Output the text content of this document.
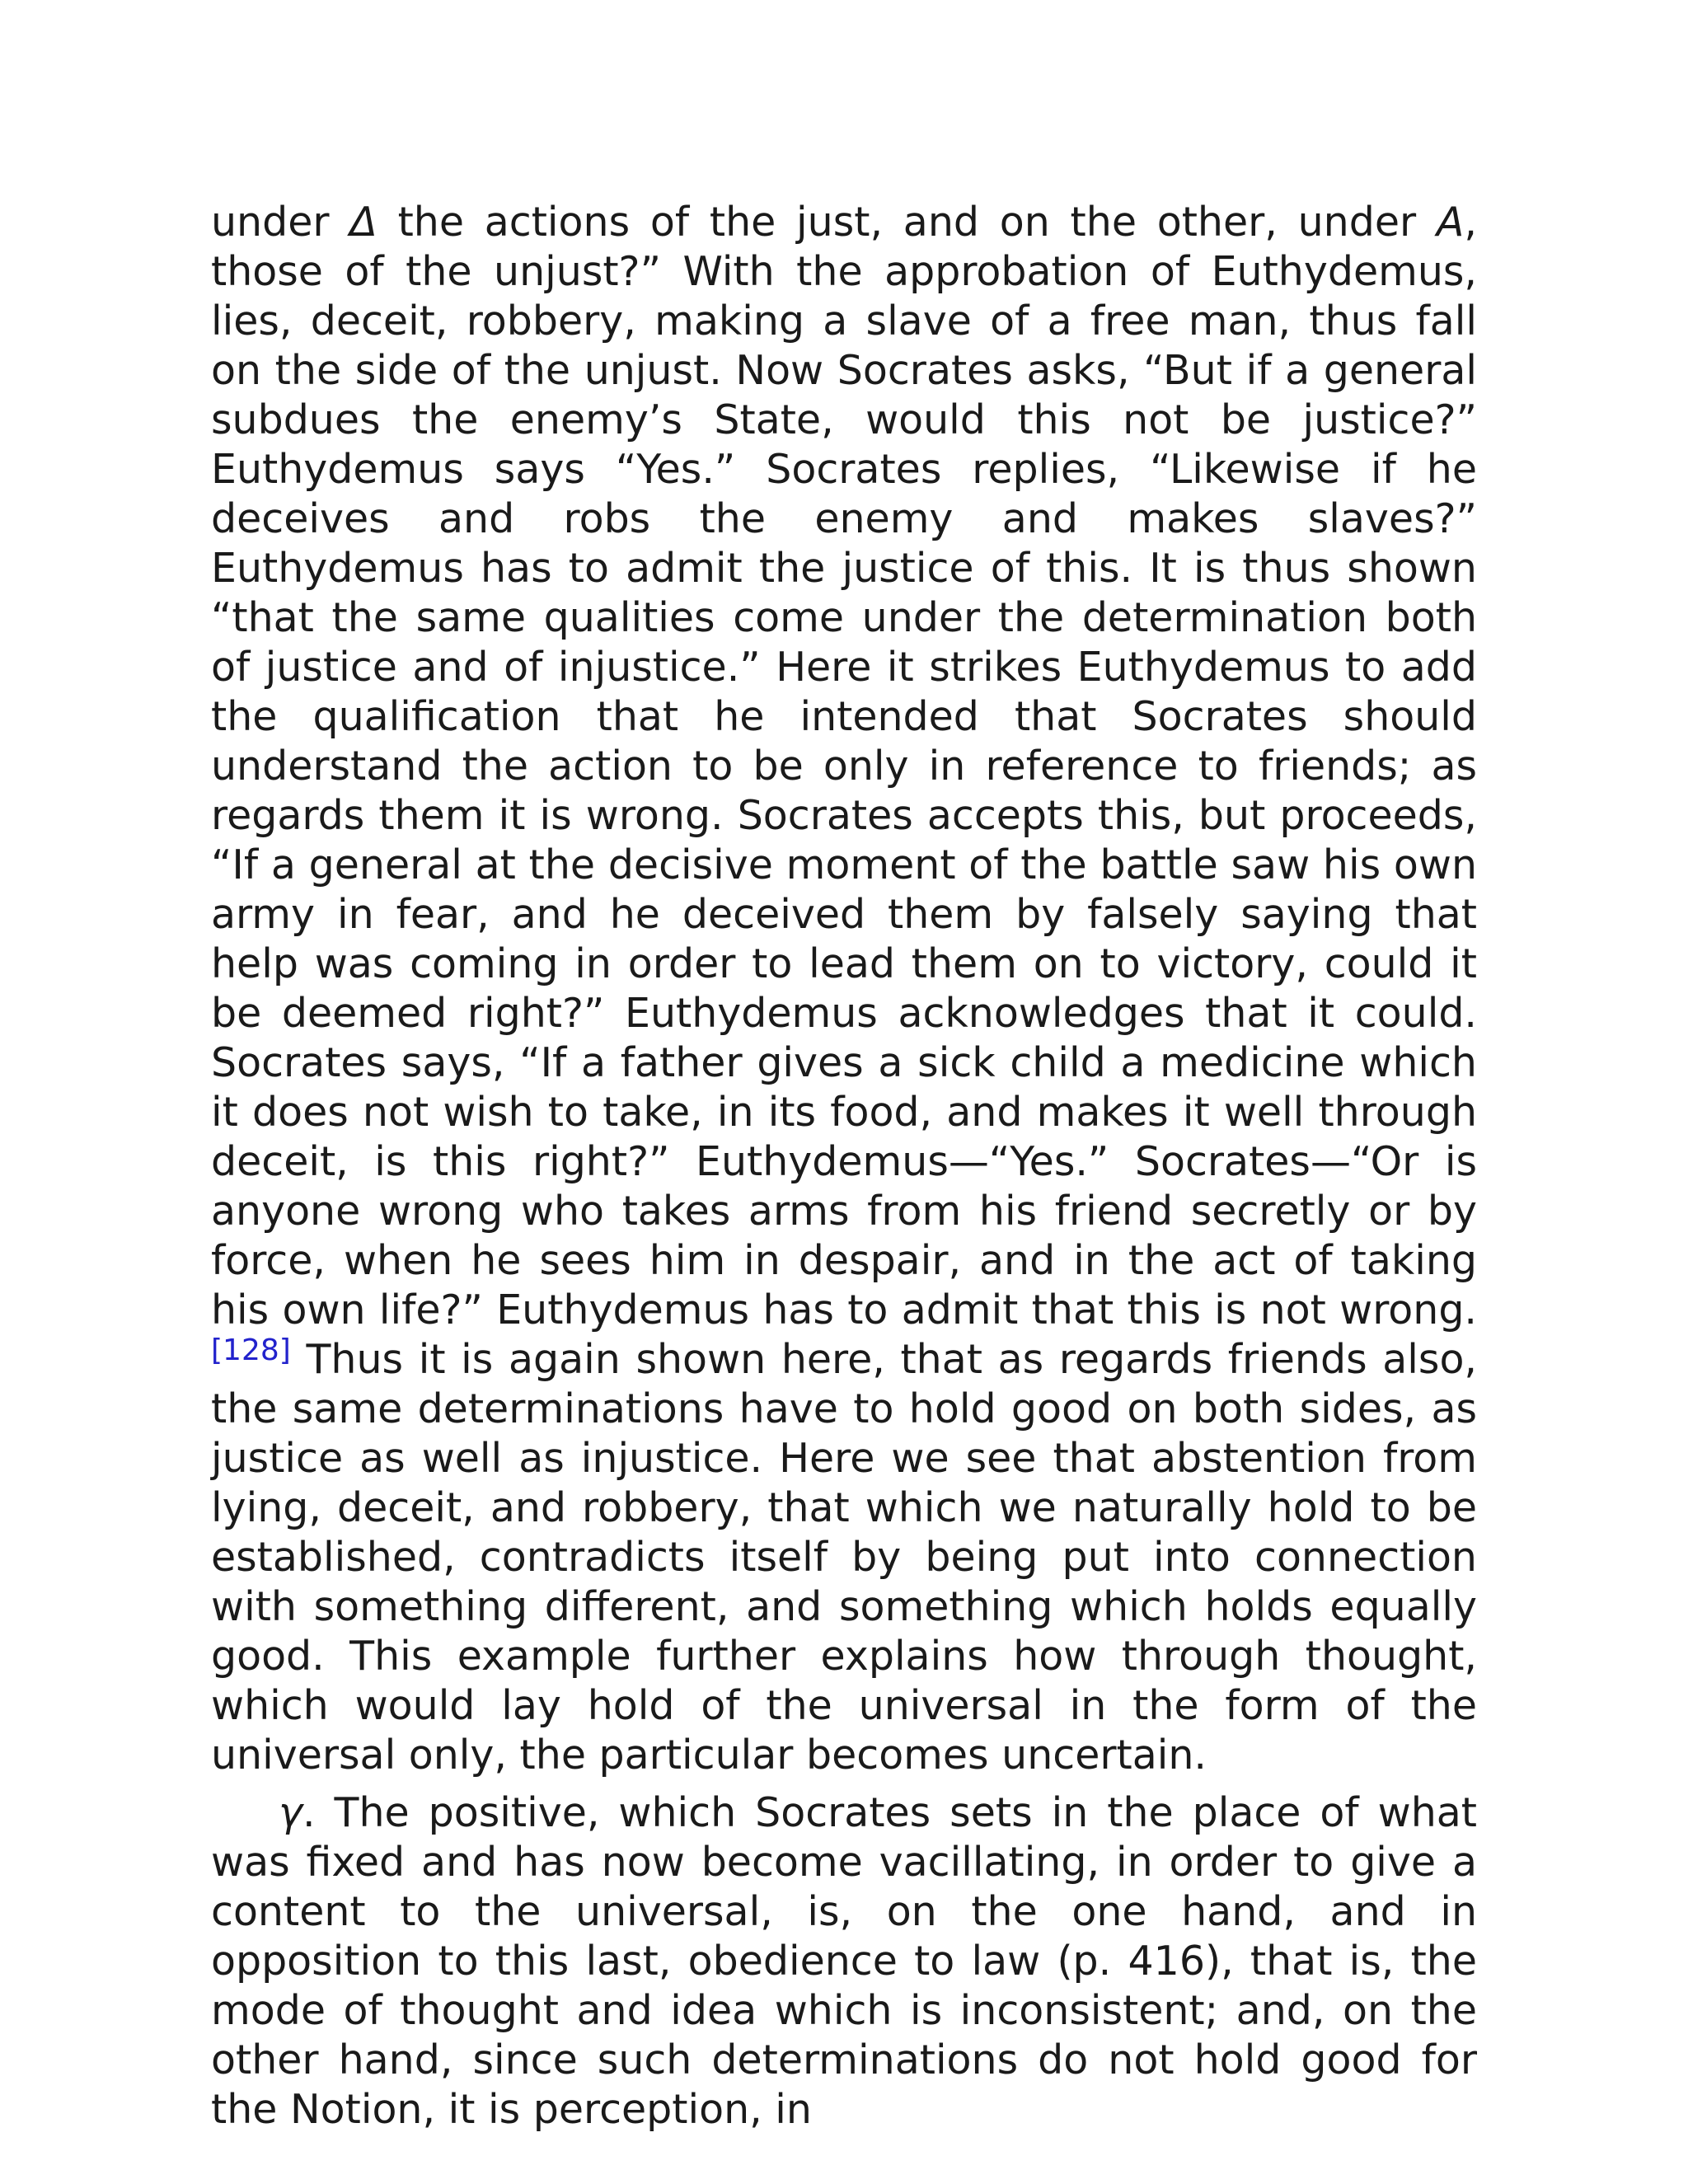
under Δ the actions of the just, and on the other, under A, those of the unjust?” With the approbation of Euthydemus, lies, deceit, robbery, making a slave of a free man, thus fall on the side of the unjust. Now Socrates asks, “But if a general subdues the enemy’s State, would this not be justice?” Euthydemus says “Yes.” Socrates replies, “Likewise if he deceives and robs the enemy and makes slaves?” Euthydemus has to admit the justice of this. It is thus shown “that the same qualities come under the determination both of justice and of injustice.” Here it strikes Euthydemus to add the qualification that he intended that Socrates should understand the action to be only in reference to friends; as regards them it is wrong. Socrates accepts this, but proceeds, “If a general at the decisive moment of the battle saw his own army in fear, and he deceived them by falsely saying that help was coming in order to lead them on to victory, could it be deemed right?” Euthydemus acknowledges that it could. Socrates says, “If a father gives a sick child a medicine which it does not wish to take, in its food, and makes it well through deceit, is this right?” Euthydemus—“Yes.” Socrates—“Or is anyone wrong who takes arms from his friend secretly or by force, when he sees him in despair, and in the act of taking his own life?” Euthydemus has to admit that this is not wrong.[128] Thus it is again shown here, that as regards friends also, the same determinations have to hold good on both sides, as justice as well as injustice. Here we see that abstention from lying, deceit, and robbery, that which we naturally hold to be established, contradicts itself by being put into connection with something different, and something which holds equally good. This example further explains how through thought, which would lay hold of the universal in the form of the universal only, the particular becomes uncertain.

γ. The positive, which Socrates sets in the place of what was fixed and has now become vacillating, in order to give a content to the universal, is, on the one hand, and in opposition to this last, obedience to law (p. 416), that is, the mode of thought and idea which is inconsistent; and, on the other hand, since such determinations do not hold good for the Notion, it is perception, in
